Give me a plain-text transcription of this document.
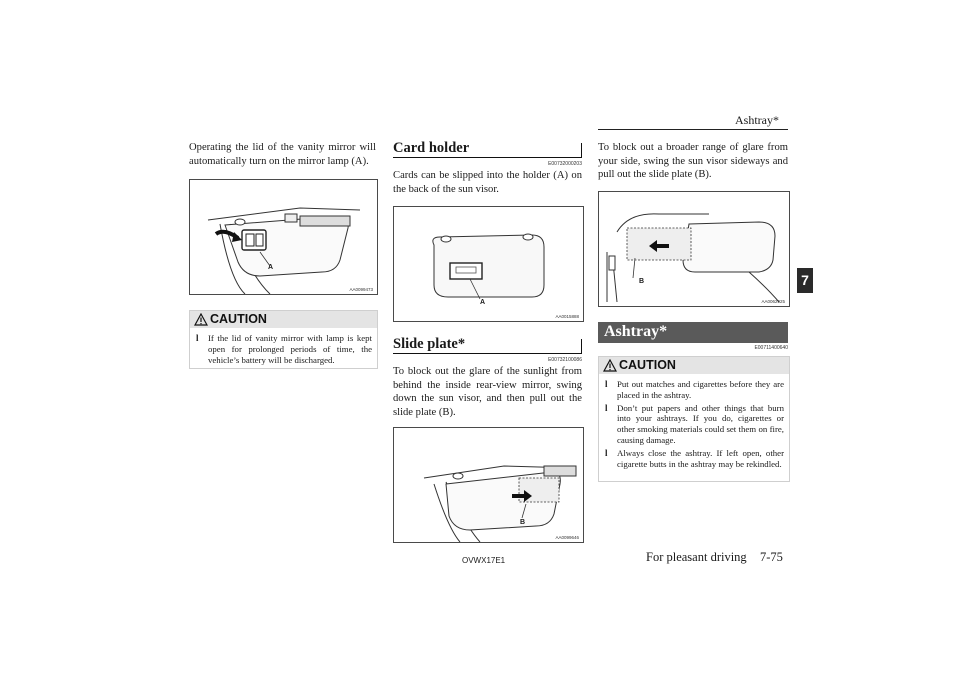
Ashtray*
7
Operating the lid of the vanity mirror will automatically turn on the mirror lamp (A).
A
AA0099473
CAUTION
l If the lid of vanity mirror with lamp is kept open for prolonged periods of time, the vehicle’s battery will be discharged.
Card holder
E00732000203
Cards can be slipped into the holder (A) on the back of the sun visor.
A
AA0015888
Slide plate*
E00732100086
To block out the glare of the sunlight from behind the inside rear-view mirror, swing down the sun visor, and then pull out the slide plate (B).
B
AA0099646
To block out a broader range of glare from your side, swing the sun visor sideways and pull out the slide plate (B).
B
AA0062925
Ashtray*
E00711400640
CAUTION
l Put out matches and cigarettes before they are placed in the ashtray.
l Don’t put papers and other things that burn into your ashtrays. If you do, cigarettes or other smoking materials could set them on fire, causing damage.
l Always close the ashtray. If left open, other cigarette butts in the ashtray may be rekindled.
OVWX17E1	For pleasant driving 7-75
